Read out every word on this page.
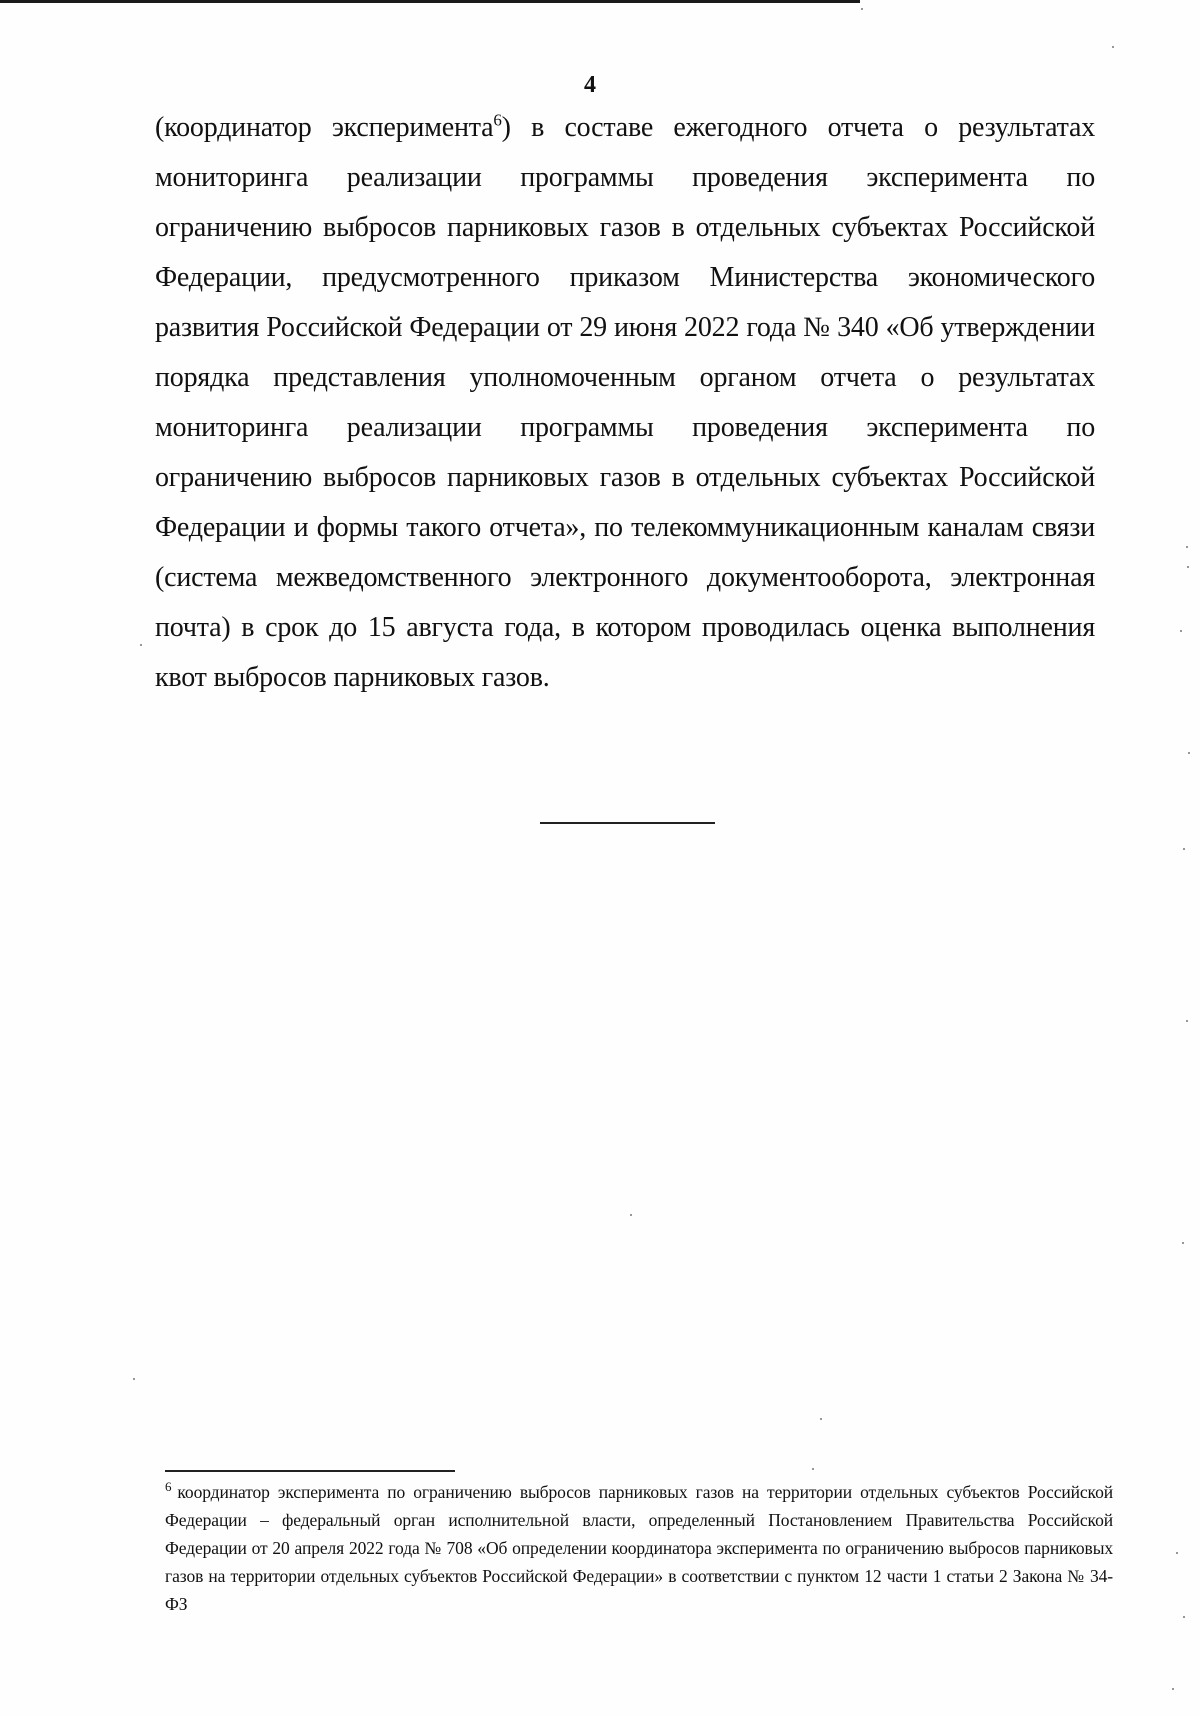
4
(координатор эксперимента$^6$) в составе ежегодного отчета о результатах мониторинга реализации программы проведения эксперимента по ограничению выбросов парниковых газов в отдельных субъектах Российской Федерации, предусмотренного приказом Министерства экономического развития Российской Федерации от 29 июня 2022 года № 340 «Об утверждении порядка представления уполномоченным органом отчета о результатах мониторинга реализации программы проведения эксперимента по ограничению выбросов парниковых газов в отдельных субъектах Российской Федерации и формы такого отчета», по телекоммуникационным каналам связи (система межведомственного электронного документооборота, электронная почта) в срок до 15 августа года, в котором проводилась оценка выполнения квот выбросов парниковых газов.
$^6$ координатор эксперимента по ограничению выбросов парниковых газов на территории отдельных субъектов Российской Федерации – федеральный орган исполнительной власти, определенный Постановлением Правительства Российской Федерации от 20 апреля 2022 года № 708 «Об определении координатора эксперимента по ограничению выбросов парниковых газов на территории отдельных субъектов Российской Федерации» в соответствии с пунктом 12 части 1 статьи 2 Закона № 34-ФЗ
